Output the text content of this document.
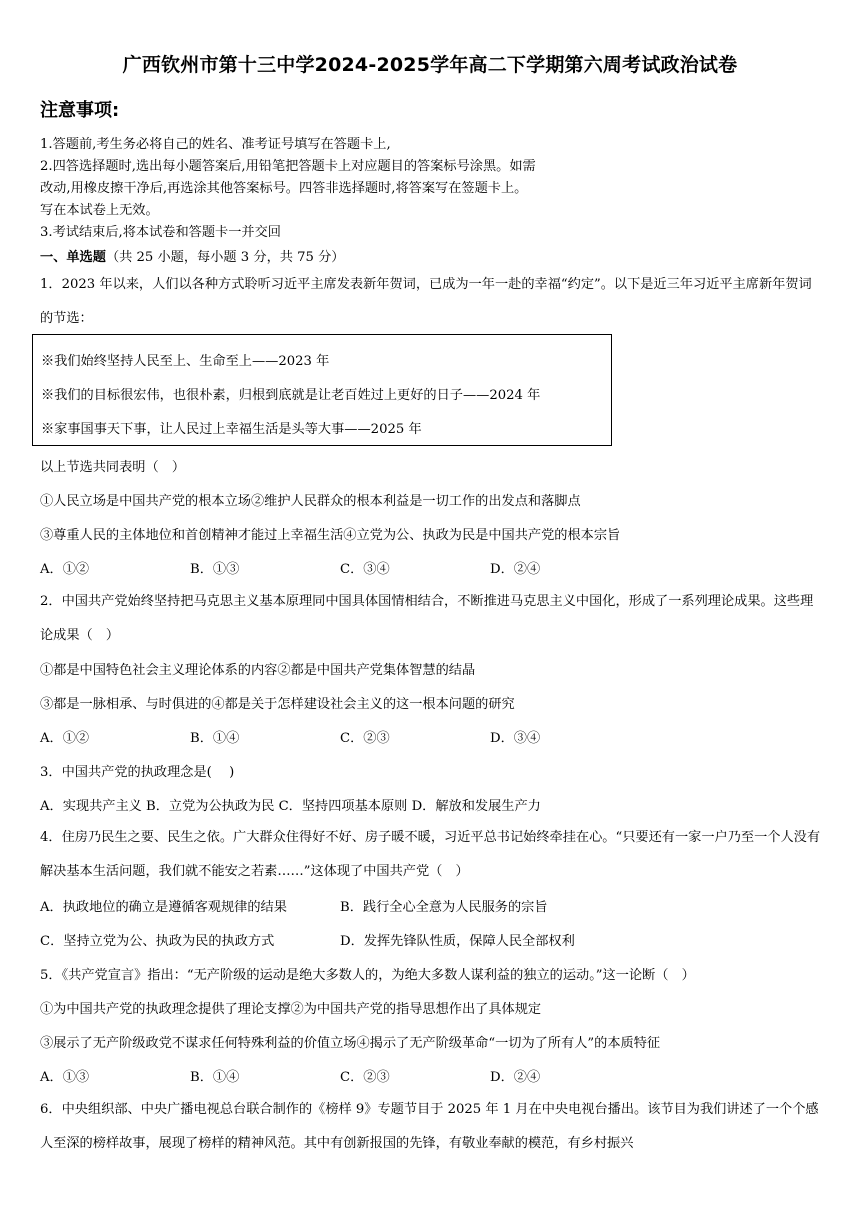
广西钦州市第十三中学2024-2025学年高二下学期第六周考试政治试卷
注意事项:
1.答题前,考生务必将自己的姓名、准考证号填写在答题卡上,
2.四答选择题时,选出每小题答案后,用铅笔把答题卡上对应题目的答案标号涂黑。如需
改动,用橡皮擦干净后,再选涂其他答案标号。四答非选择题时,将答案写在签题卡上。
写在本试卷上无效。
3.考试结束后,将本试卷和答题卡一并交回
一、单选题（共 25 小题，每小题 3 分，共 75 分）
1．2023 年以来，人们以各种方式聆听习近平主席发表新年贺词，已成为一年一赴的幸福“约定”。以下是近三年习近平主席新年贺词的节选：
※我们始终坚持人民至上、生命至上——2023 年
※我们的目标很宏伟，也很朴素，归根到底就是让老百姓过上更好的日子——2024 年
※家事国事天下事，让人民过上幸福生活是头等大事——2025 年
以上节选共同表明（　）
①人民立场是中国共产党的根本立场②维护人民群众的根本利益是一切工作的出发点和落脚点
③尊重人民的主体地位和首创精神才能过上幸福生活④立党为公、执政为民是中国共产党的根本宗旨
A．①②	B．①③	C．③④	D．②④
2．中国共产党始终坚持把马克思主义基本原理同中国具体国情相结合，不断推进马克思主义中国化，形成了一系列理论成果。这些理论成果（　）
①都是中国特色社会主义理论体系的内容②都是中国共产党集体智慧的结晶
③都是一脉相承、与时俱进的④都是关于怎样建设社会主义的这一根本问题的研究
A．①②	B．①④	C．②③	D．③④
3．中国共产党的执政理念是(　 )
A．实现共产主义 B．立党为公执政为民 C．坚持四项基本原则 D．解放和发展生产力
4．住房乃民生之要、民生之依。广大群众住得好不好、房子暖不暖，习近平总书记始终牵挂在心。“只要还有一家一户乃至一个人没有解决基本生活问题，我们就不能安之若素……”这体现了中国共产党（　）
A．执政地位的确立是遵循客观规律的结果	B．践行全心全意为人民服务的宗旨
C．坚持立党为公、执政为民的执政方式	D．发挥先锋队性质，保障人民全部权利
5．《共产党宣言》指出：“无产阶级的运动是绝大多数人的，为绝大多数人谋利益的独立的运动。”这一论断（　）
①为中国共产党的执政理念提供了理论支撑②为中国共产党的指导思想作出了具体规定
③展示了无产阶级政党不谋求任何特殊利益的价值立场④揭示了无产阶级革命“一切为了所有人”的本质特征
A．①③	B．①④	C．②③	D．②④
6．中央组织部、中央广播电视总台联合制作的《榜样 9》专题节目于 2025 年 1 月在中央电视台播出。该节目为我们讲述了一个个感人至深的榜样故事，展现了榜样的精神风范。其中有创新报国的先锋，有敬业奉献的模范，有乡村振兴
